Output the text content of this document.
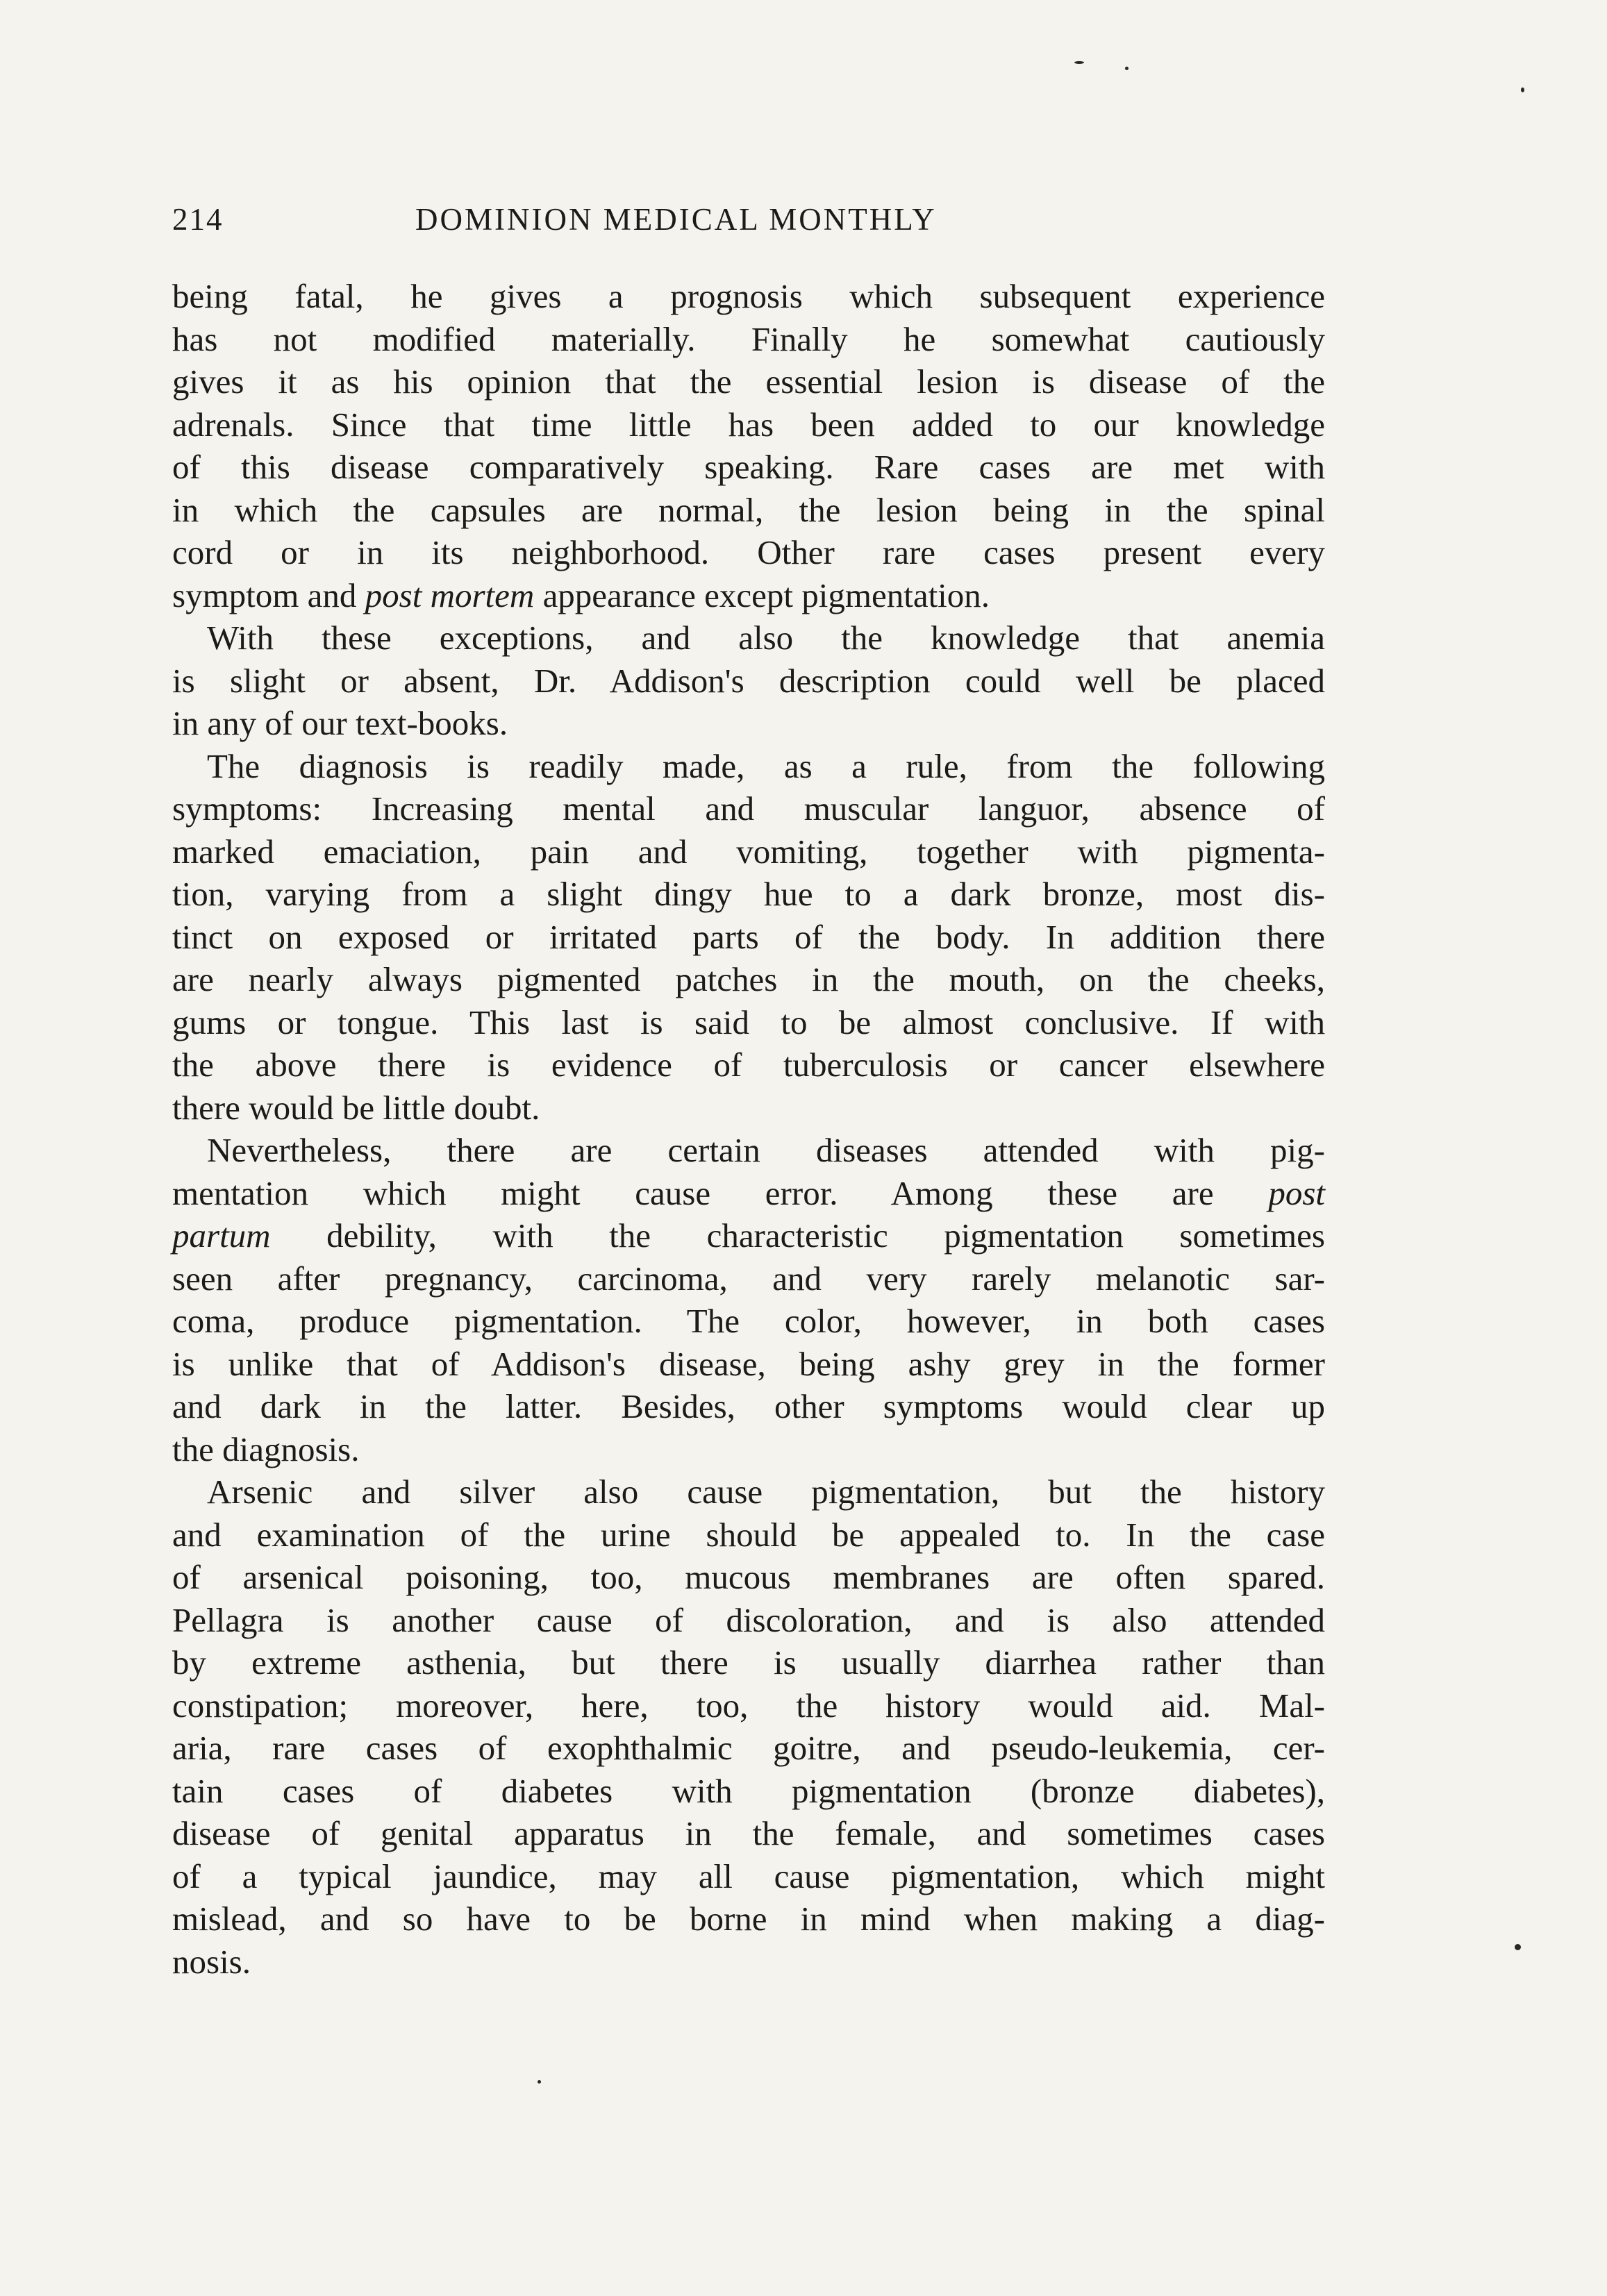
214	DOMINION MEDICAL MONTHLY
being fatal, he gives a prognosis which subsequent experience
has not modified materially. Finally he somewhat cautiously
gives it as his opinion that the essential lesion is disease of the
adrenals. Since that time little has been added to our knowledge
of this disease comparatively speaking. Rare cases are met with
in which the capsules are normal, the lesion being in the spinal
cord or in its neighborhood. Other rare cases present every
symptom and post mortem appearance except pigmentation.
With these exceptions, and also the knowledge that anemia
is slight or absent, Dr. Addison's description could well be placed
in any of our text-books.
The diagnosis is readily made, as a rule, from the following
symptoms: Increasing mental and muscular languor, absence of
marked emaciation, pain and vomiting, together with pigmenta-
tion, varying from a slight dingy hue to a dark bronze, most dis-
tinct on exposed or irritated parts of the body. In addition there
are nearly always pigmented patches in the mouth, on the cheeks,
gums or tongue. This last is said to be almost conclusive. If with
the above there is evidence of tuberculosis or cancer elsewhere
there would be little doubt.
Nevertheless, there are certain diseases attended with pig-
mentation which might cause error. Among these are post
partum debility, with the characteristic pigmentation sometimes
seen after pregnancy, carcinoma, and very rarely melanotic sar-
coma, produce pigmentation. The color, however, in both cases
is unlike that of Addison's disease, being ashy grey in the former
and dark in the latter. Besides, other symptoms would clear up
the diagnosis.
Arsenic and silver also cause pigmentation, but the history
and examination of the urine should be appealed to. In the case
of arsenical poisoning, too, mucous membranes are often spared.
Pellagra is another cause of discoloration, and is also attended
by extreme asthenia, but there is usually diarrhea rather than
constipation; moreover, here, too, the history would aid. Mal-
aria, rare cases of exophthalmic goitre, and pseudo-leukemia, cer-
tain cases of diabetes with pigmentation (bronze diabetes),
disease of genital apparatus in the female, and sometimes cases
of a typical jaundice, may all cause pigmentation, which might
mislead, and so have to be borne in mind when making a diag-
nosis.
